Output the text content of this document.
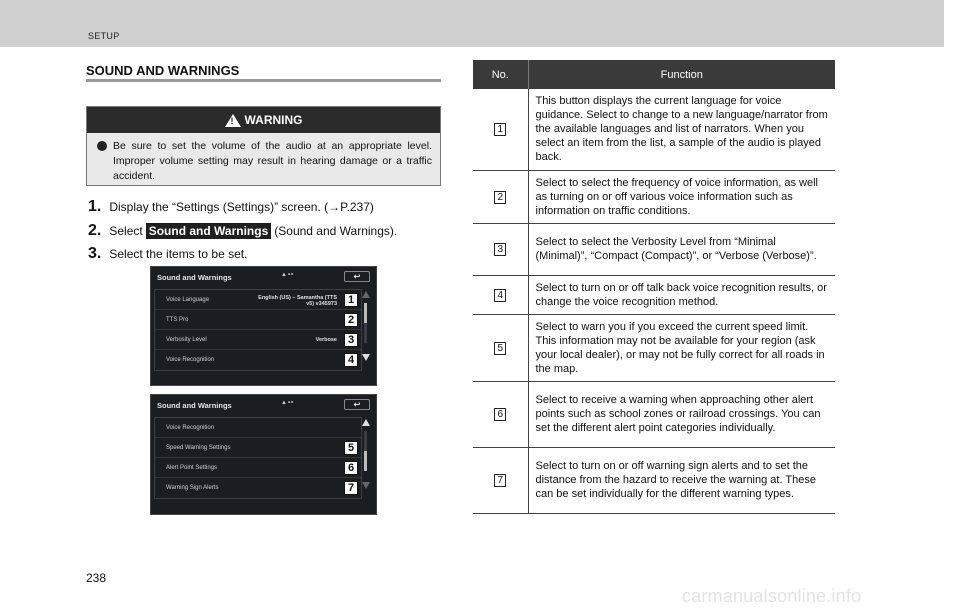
SETUP
SOUND AND WARNINGS
!
WARNING
Be sure to set the volume of the audio at an appropriate level. Improper volume setting may result in hearing damage or a traffic accident.
1. Display the “Settings (Settings)” screen. (→P.237)
2. Select Sound and Warnings (Sound and Warnings).
3. Select the items to be set.
Sound and Warnings	▲••	↩
Voice Language	English (US) – Samantha (TTS v5) v345973 1
TTS Pro	2
Verbosity Level	Verbose 3
Voice Recognition	4
Sound and Warnings	▲••	↩
Voice Recognition
Speed Warning Settings	5
Alert Point Settings	6
Warning Sign Alerts	7
No.	Function
1	This button displays the current language for voice guidance. Select to change to a new language/narrator from the available languages and list of narrators. When you select an item from the list, a sample of the audio is played back.
2	Select to select the frequency of voice information, as well as turning on or off various voice information such as information on traffic conditions.
3	Select to select the Verbosity Level from “Minimal (Minimal)”, “Compact (Compact)”, or “Verbose (Verbose)”.
4	Select to turn on or off talk back voice recognition results, or change the voice recognition method.
5	Select to warn you if you exceed the current speed limit. This information may not be available for your region (ask your local dealer), or may not be fully correct for all roads in the map.
6	Select to receive a warning when approaching other alert points such as school zones or railroad crossings. You can set the different alert point categories individually.
7	Select to turn on or off warning sign alerts and to set the distance from the hazard to receive the warning at. These can be set individually for the different warning types.
238
carmanualsonline.info
